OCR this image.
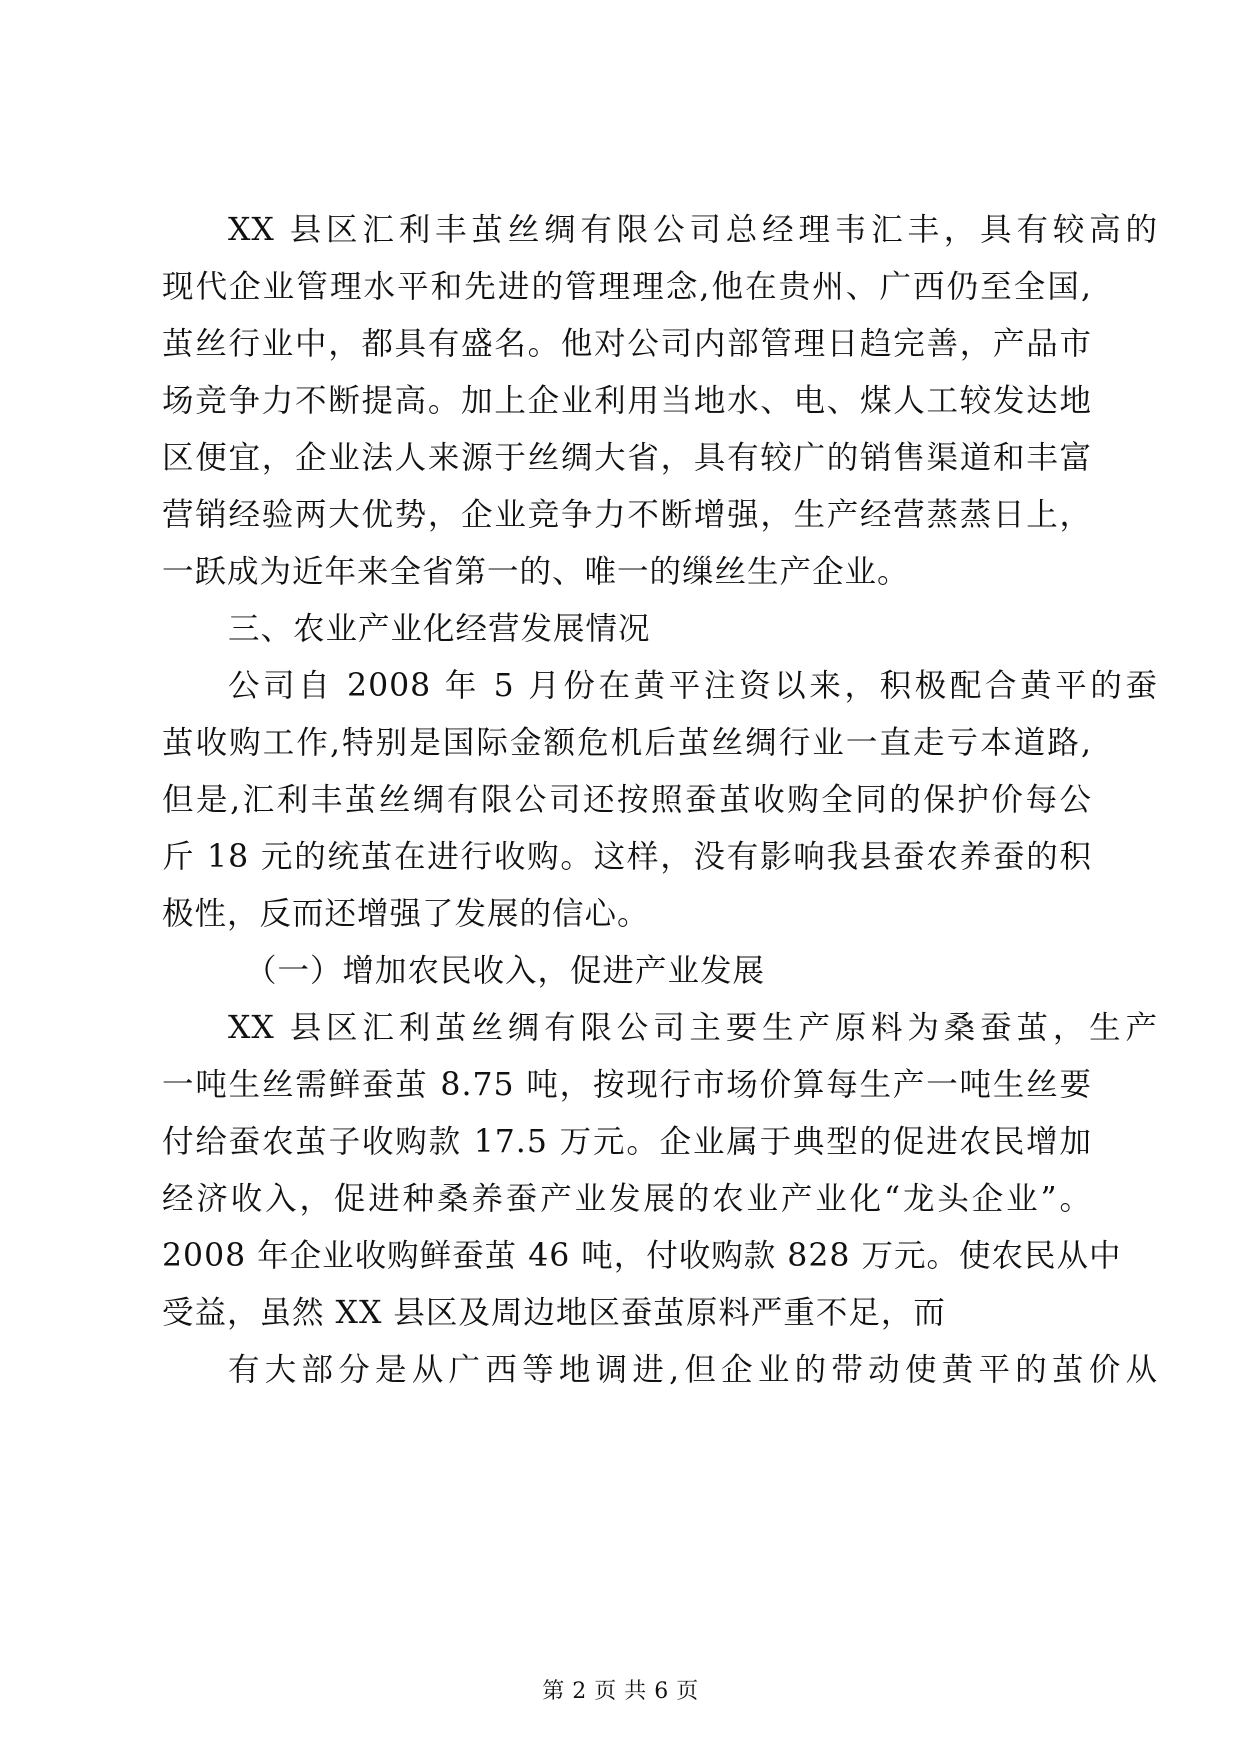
XX 县区汇利丰茧丝绸有限公司总经理韦汇丰，具有较高的
现代企业管理水平和先进的管理理念,他在贵州、广西仍至全国,
茧丝行业中，都具有盛名。他对公司内部管理日趋完善，产品市
场竞争力不断提高。加上企业利用当地水、电、煤人工较发达地
区便宜，企业法人来源于丝绸大省，具有较广的销售渠道和丰富
营销经验两大优势，企业竞争力不断增强，生产经营蒸蒸日上，
一跃成为近年来全省第一的、唯一的缫丝生产企业。
三、农业产业化经营发展情况
公司自 2008 年 5 月份在黄平注资以来，积极配合黄平的蚕
茧收购工作,特别是国际金额危机后茧丝绸行业一直走亏本道路,
但是,汇利丰茧丝绸有限公司还按照蚕茧收购全同的保护价每公
斤 18 元的统茧在进行收购。这样，没有影响我县蚕农养蚕的积
极性，反而还增强了发展的信心。
（一）增加农民收入，促进产业发展
XX 县区汇利茧丝绸有限公司主要生产原料为桑蚕茧，生产
一吨生丝需鲜蚕茧 8.75 吨，按现行市场价算每生产一吨生丝要
付给蚕农茧子收购款 17.5 万元。企业属于典型的促进农民增加
经济收入，促进种桑养蚕产业发展的农业产业化“龙头企业”。
2008 年企业收购鲜蚕茧 46 吨，付收购款 828 万元。使农民从中
受益，虽然 XX 县区及周边地区蚕茧原料严重不足，而
有大部分是从广西等地调进,但企业的带动使黄平的茧价从
第 2 页 共 6 页
